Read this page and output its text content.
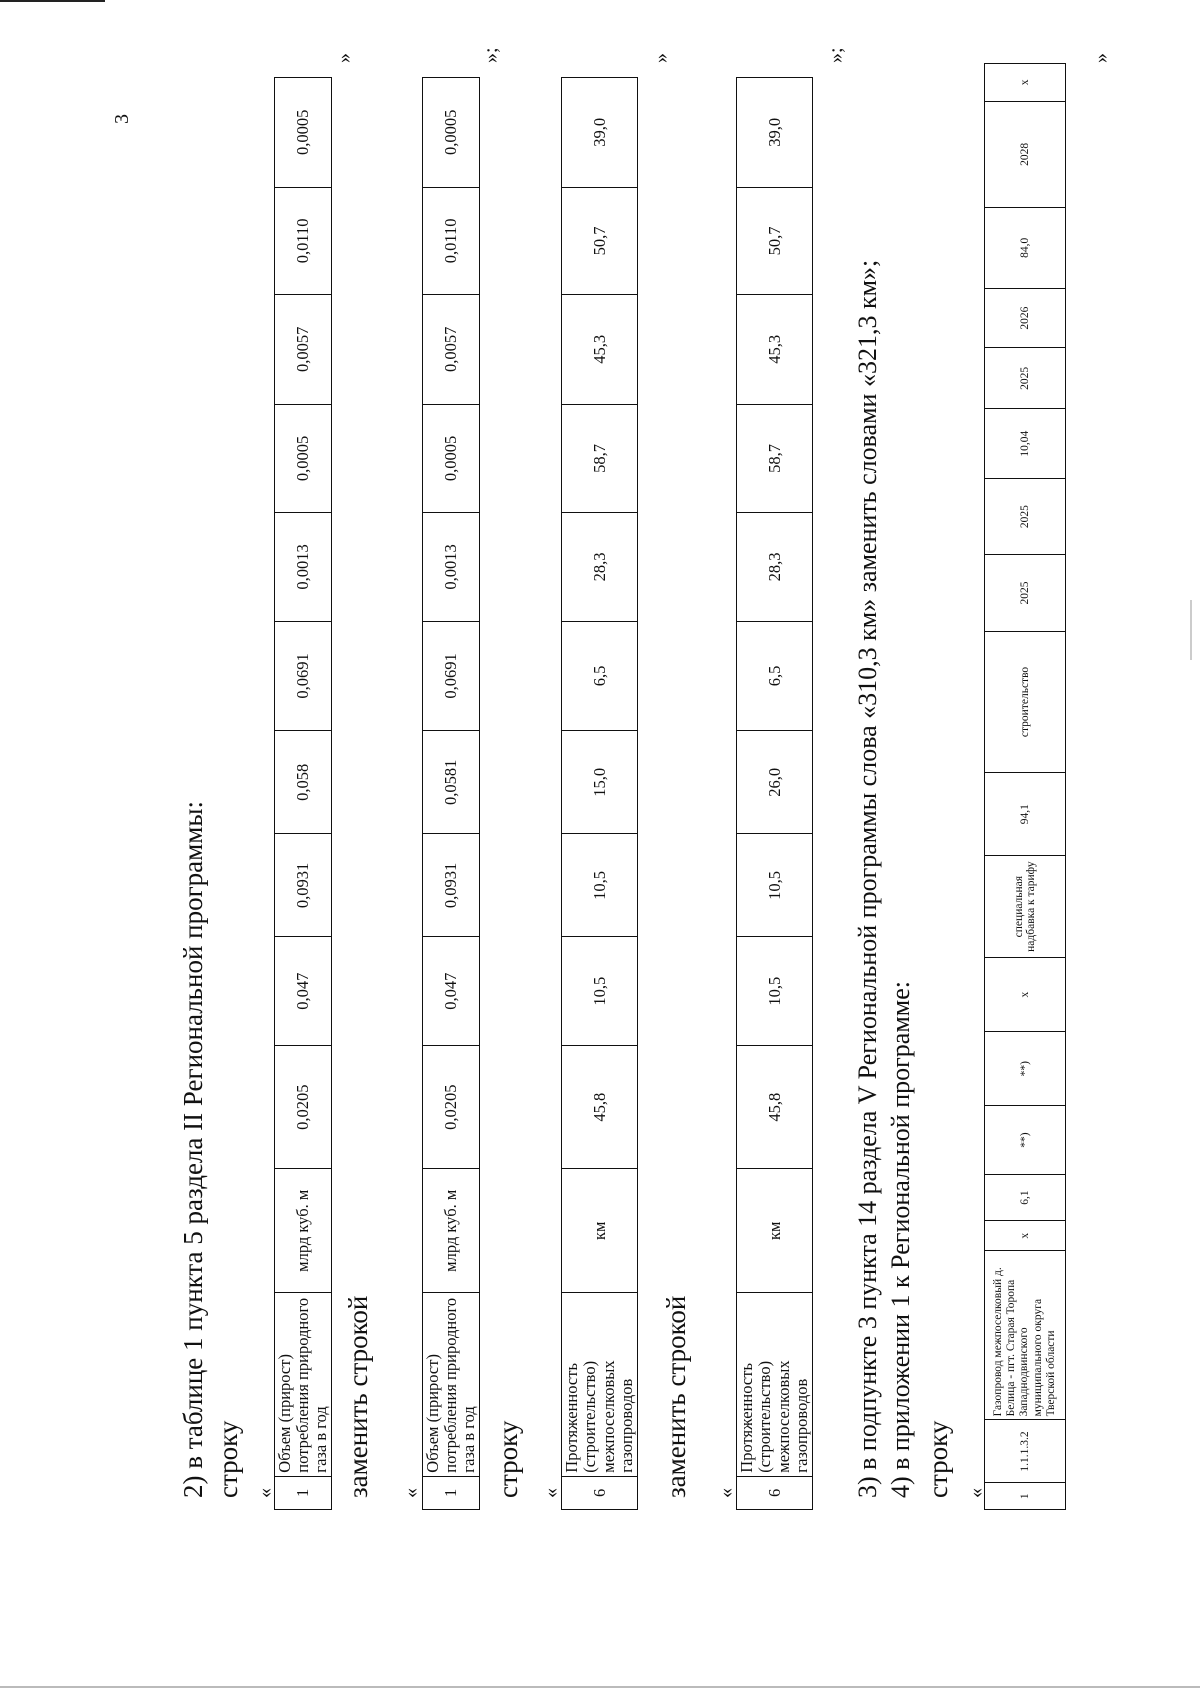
3
2) в таблице 1 пункта 5 раздела II Региональной программы: строку « 1	Объем (прирост) потребления природного газа в год	млрд куб. м	0,0205	0,047	0,0931	0,058	0,0691	0,0013	0,0005	0,0057	0,0110	0,0005
»
заменить строкой « 1	Объем (прирост) потребления природного газа в год	млрд куб. м	0,0205	0,047	0,0931	0,0581	0,0691	0,0013	0,0005	0,0057	0,0110	0,0005
»;
строку « 6	Протяженность (строительство) межпоселковых газопроводов	км	45,8	10,5	10,5	15,0	6,5	28,3	58,7	45,3	50,7	39,0
»
заменить строкой « 6	Протяженность (строительство) межпоселковых газопроводов	км	45,8	10,5	10,5	26,0	6,5	28,3	58,7	45,3	50,7	39,0
»;
3) в подпункте 3 пункта 14 раздела V Региональной программы слова «310,3 км» заменить словами «321,3 км»; 4) в приложении 1 к Региональной программе: строку «	1	1.1.1.3.2	Газопровод межпоселковый д. Белица - пгт. Старая Торопа Западнодвинского муниципального округа Тверской области	х	6,1	**)	**)	х	специальная надбавка к тарифу	94,1	строительство	2025	2025	10,04	2025	2026	84,0	2028	х
»
